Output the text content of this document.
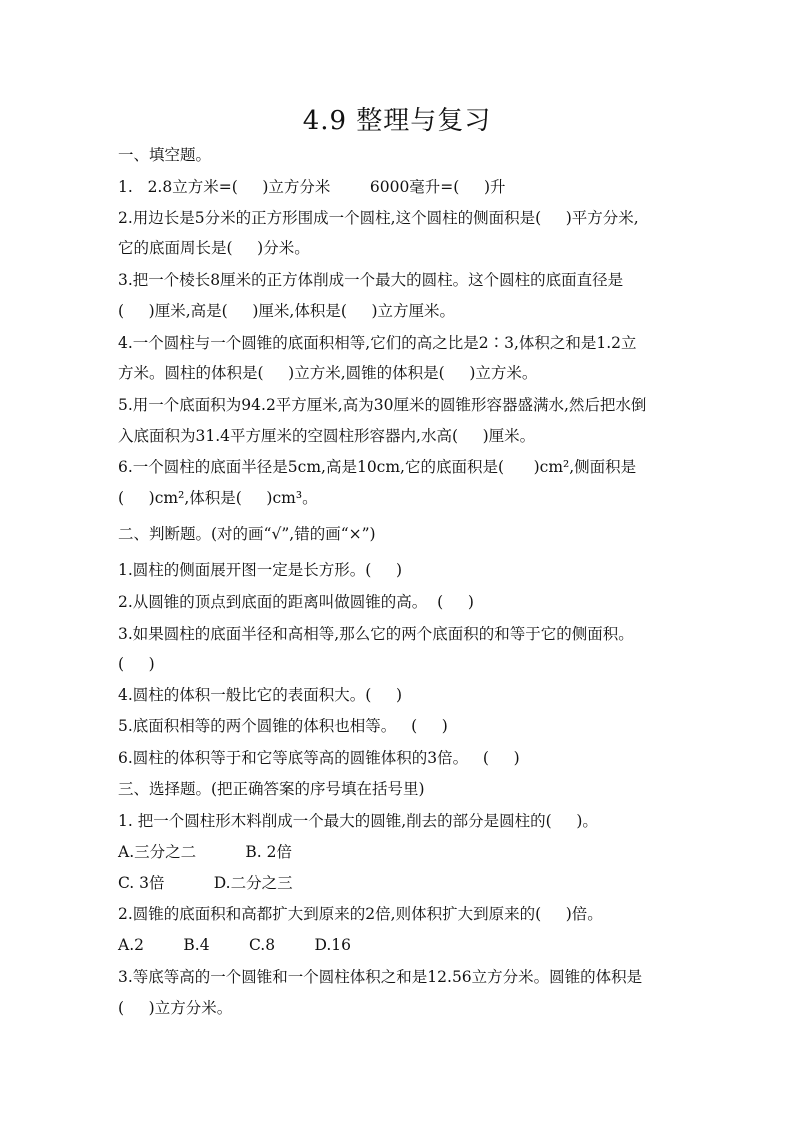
4.9 整理与复习
一、填空题。
1.   2.8立方米=(     )立方分米        6000毫升=(     )升
2.用边长是5分米的正方形围成一个圆柱,这个圆柱的侧面积是(     )平方分米,
它的底面周长是(     )分米。
3.把一个棱长8厘米的正方体削成一个最大的圆柱。这个圆柱的底面直径是
(     )厘米,高是(     )厘米,体积是(     )立方厘米。
4.一个圆柱与一个圆锥的底面积相等,它们的高之比是2∶3,体积之和是1.2立
方米。圆柱的体积是(     )立方米,圆锥的体积是(     )立方米。
5.用一个底面积为94.2平方厘米,高为30厘米的圆锥形容器盛满水,然后把水倒
入底面积为31.4平方厘米的空圆柱形容器内,水高(     )厘米。
6.一个圆柱的底面半径是5cm,高是10cm,它的底面积是(      )cm²,侧面积是
(     )cm²,体积是(     )cm³。
二、判断题。(对的画“√”,错的画“×”)
1.圆柱的侧面展开图一定是长方形。(     )
2.从圆锥的顶点到底面的距离叫做圆锥的高。  (     )
3.如果圆柱的底面半径和高相等,那么它的两个底面积的和等于它的侧面积。
(     )
4.圆柱的体积一般比它的表面积大。(     )
5.底面积相等的两个圆锥的体积也相等。   (     )
6.圆柱的体积等于和它等底等高的圆锥体积的3倍。   (     )
三、选择题。(把正确答案的序号填在括号里)
1. 把一个圆柱形木料削成一个最大的圆锥,削去的部分是圆柱的(     )。
A.三分之二          B. 2倍
C. 3倍          D.二分之三
2.圆锥的底面积和高都扩大到原来的2倍,则体积扩大到原来的(     )倍。
A.2        B.4        C.8        D.16
3.等底等高的一个圆锥和一个圆柱体积之和是12.56立方分米。圆锥的体积是
(     )立方分米。
